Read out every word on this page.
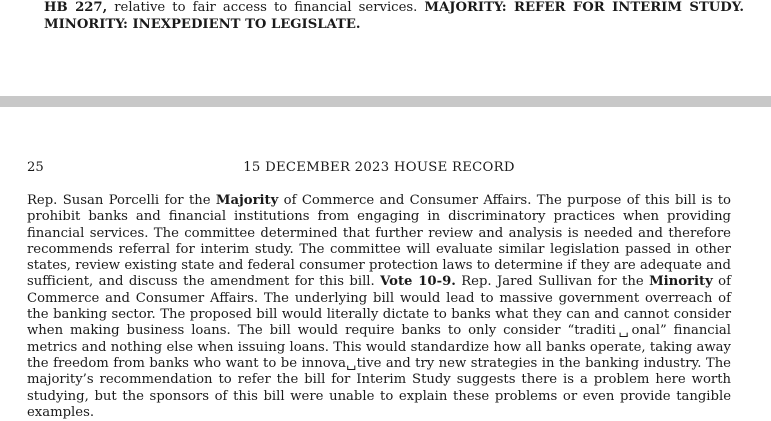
HB 227, relative to fair access to financial services. MAJORITY: REFER FOR INTERIM STUDY. MINORITY: INEXPEDIENT TO LEGISLATE.
25	15 DECEMBER 2023 HOUSE RECORD
Rep. Susan Porcelli for the Majority of Commerce and Consumer Affairs. The purpose of this bill is to prohibit banks and financial institutions from engaging in discriminatory practices when providing financial services. The committee determined that further review and analysis is needed and therefore recommends referral for interim study. The committee will evaluate similar legislation passed in other states, review existing state and federal consumer protection laws to determine if they are adequate and sufficient, and discuss the amendment for this bill. Vote 10-9. Rep. Jared Sullivan for the Minority of Commerce and Consumer Affairs. The underlying bill would lead to massive government overreach of the banking sector. The proposed bill would literally dictate to banks what they can and cannot consider when making business loans. The bill would require banks to only consider “traditi␣onal” financial metrics and nothing else when issuing loans. This would standardize how all banks operate, taking away the freedom from banks who want to be innova␣tive and try new strategies in the banking industry. The majority’s recommendation to refer the bill for Interim Study suggests there is a problem here worth studying, but the sponsors of this bill were unable to explain these problems or even provide tangible examples.
